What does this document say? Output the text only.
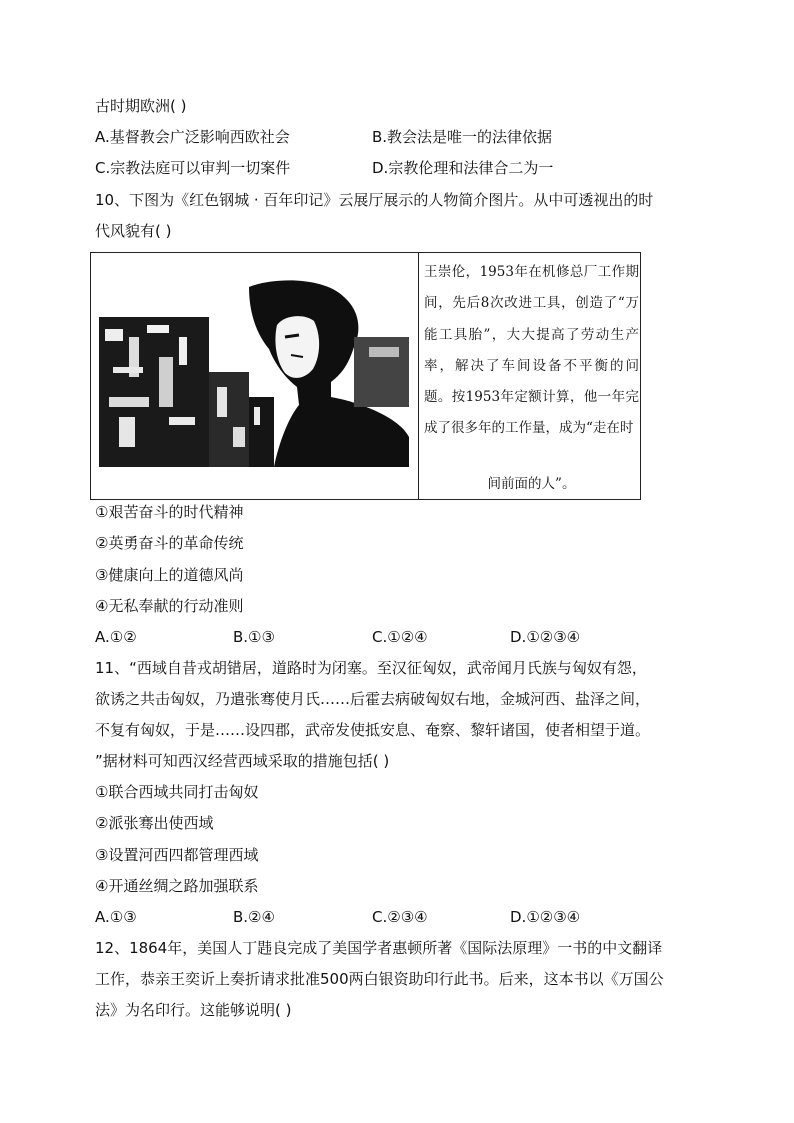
古时期欧洲( )
A.基督教会广泛影响西欧社会	B.教会法是唯一的法律依据
C.宗教法庭可以审判一切案件	D.宗教伦理和法律合二为一
10、下图为《红色钢城 · 百年印记》云展厅展示的人物简介图片。从中可透视出的时
代风貌有( )
王崇伦，1953年在机修总厂工作期间，先后8次改进工具，创造了“万能工具胎”，大大提高了劳动生产率，解决了车间设备不平衡的问题。按1953年定额计算，他一年完成了很多年的工作量，成为“走在时
间前面的人”。
①艰苦奋斗的时代精神
②英勇奋斗的革命传统
③健康向上的道德风尚
④无私奉献的行动准则
A.①②	B.①③	C.①②④	D.①②③④
11、“西域自昔戎胡错居，道路时为闭塞。至汉征匈奴，武帝闻月氏族与匈奴有怨，
欲诱之共击匈奴，乃遣张骞使月氏……后霍去病破匈奴右地，金城河西、盐泽之间，
不复有匈奴，于是……设四郡，武帝发使抵安息、奄察、黎轩诸国，使者相望于道。
”据材料可知西汉经营西域采取的措施包括( )
①联合西域共同打击匈奴
②派张骞出使西域
③设置河西四都管理西域
④开通丝绸之路加强联系
A.①③	B.②④	C.②③④	D.①②③④
12、1864年，美国人丁韪良完成了美国学者惠顿所著《国际法原理》一书的中文翻译
工作，恭亲王奕䜣上奏折请求批准500两白银资助印行此书。后来，这本书以《万国公
法》为名印行。这能够说明( )
